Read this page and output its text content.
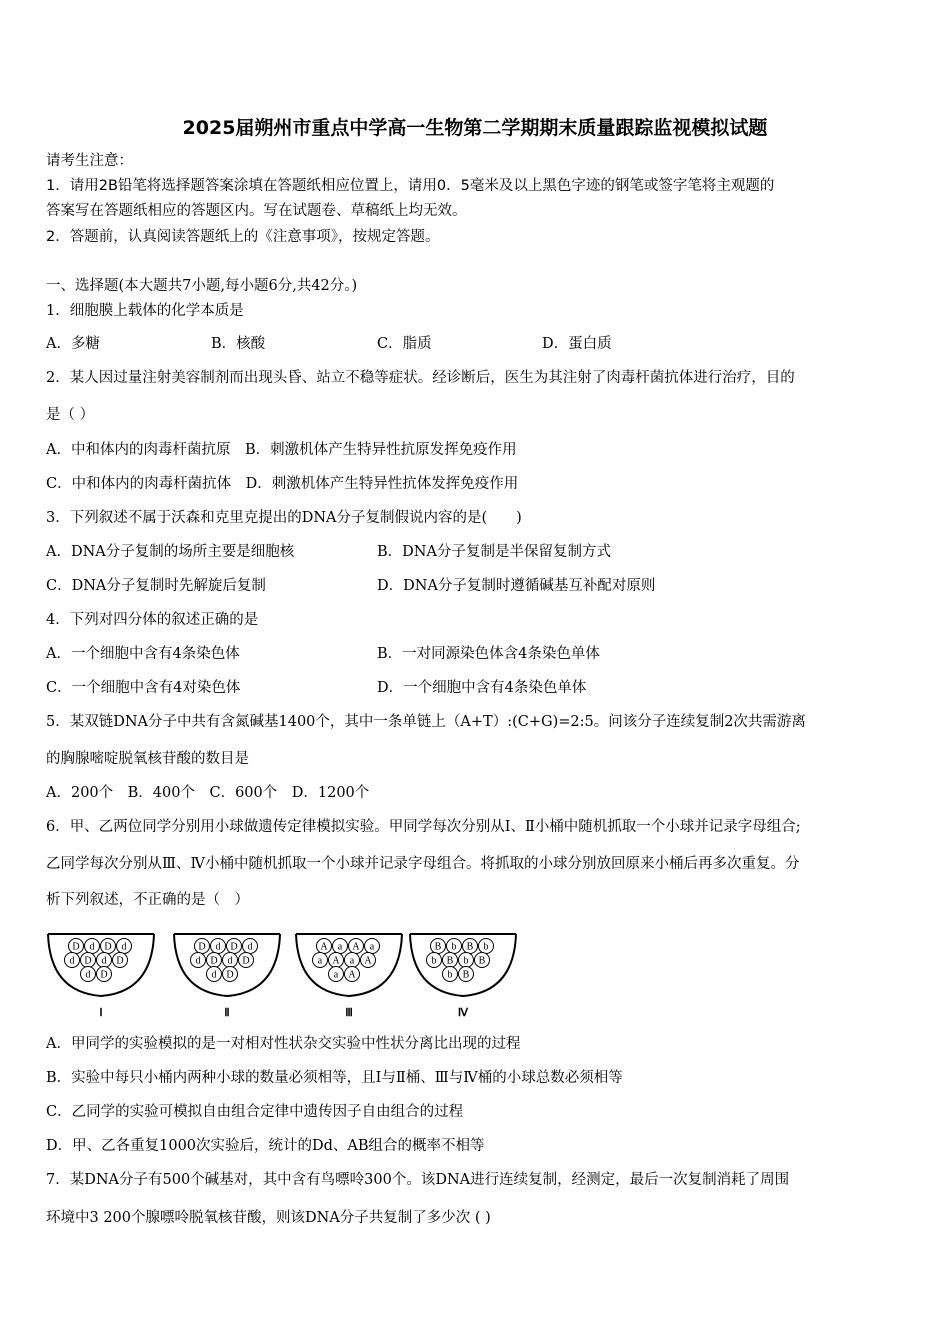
2025届朔州市重点中学高一生物第二学期期末质量跟踪监视模拟试题
请考生注意：
1．请用2B铅笔将选择题答案涂填在答题纸相应位置上，请用0．5毫米及以上黑色字迹的钢笔或签字笔将主观题的
答案写在答题纸相应的答题区内。写在试题卷、草稿纸上均无效。
2．答题前，认真阅读答题纸上的《注意事项》，按规定答题。
一、选择题(本大题共7小题,每小题6分,共42分。)
1．细胞膜上载体的化学本质是
A．多糖	B．核酸	C．脂质	D．蛋白质
2．某人因过量注射美容制剂而出现头昏、站立不稳等症状。经诊断后，医生为其注射了肉毒杆菌抗体进行治疗，目的
是（ ）
A．中和体内的肉毒杆菌抗原　B．刺激机体产生特异性抗原发挥免疫作用
C．中和体内的肉毒杆菌抗体　D．刺激机体产生特异性抗体发挥免疫作用
3．下列叙述不属于沃森和克里克提出的DNA分子复制假说内容的是(　　)
A．DNA分子复制的场所主要是细胞核	B．DNA分子复制是半保留复制方式
C．DNA分子复制时先解旋后复制	D．DNA分子复制时遵循碱基互补配对原则
4．下列对四分体的叙述正确的是
A．一个细胞中含有4条染色体	B．一对同源染色体含4条染色单体
C．一个细胞中含有4对染色体	D．一个细胞中含有4条染色单体
5．某双链DNA分子中共有含氮碱基1400个，其中一条单链上（A+T）:(C+G)=2:5。问该分子连续复制2次共需游离
的胸腺嘧啶脱氧核苷酸的数目是
A．200个　B．400个　C．600个　D．1200个
6．甲、乙两位同学分别用小球做遗传定律模拟实验。甲同学每次分别从Ⅰ、Ⅱ小桶中随机抓取一个小球并记录字母组合;
乙同学每次分别从Ⅲ、Ⅳ小桶中随机抓取一个小球并记录字母组合。将抓取的小球分别放回原来小桶后再多次重复。分
析下列叙述，不正确的是（　）
D d D d
d D d D
d D
Ⅰ
D d D d
d D d D
d D
Ⅱ
A a A a
a A a A
a A
Ⅲ
B b B b
b B b B
b B
Ⅳ
A．甲同学的实验模拟的是一对相对性状杂交实验中性状分离比出现的过程
B．实验中每只小桶内两种小球的数量必须相等，且Ⅰ与Ⅱ桶、Ⅲ与Ⅳ桶的小球总数必须相等
C．乙同学的实验可模拟自由组合定律中遗传因子自由组合的过程
D．甲、乙各重复1000次实验后，统计的Dd、AB组合的概率不相等
7．某DNA分子有500个碱基对，其中含有鸟嘌呤300个。该DNA进行连续复制，经测定，最后一次复制消耗了周围
环境中3 200个腺嘌呤脱氧核苷酸，则该DNA分子共复制了多少次 ( )
